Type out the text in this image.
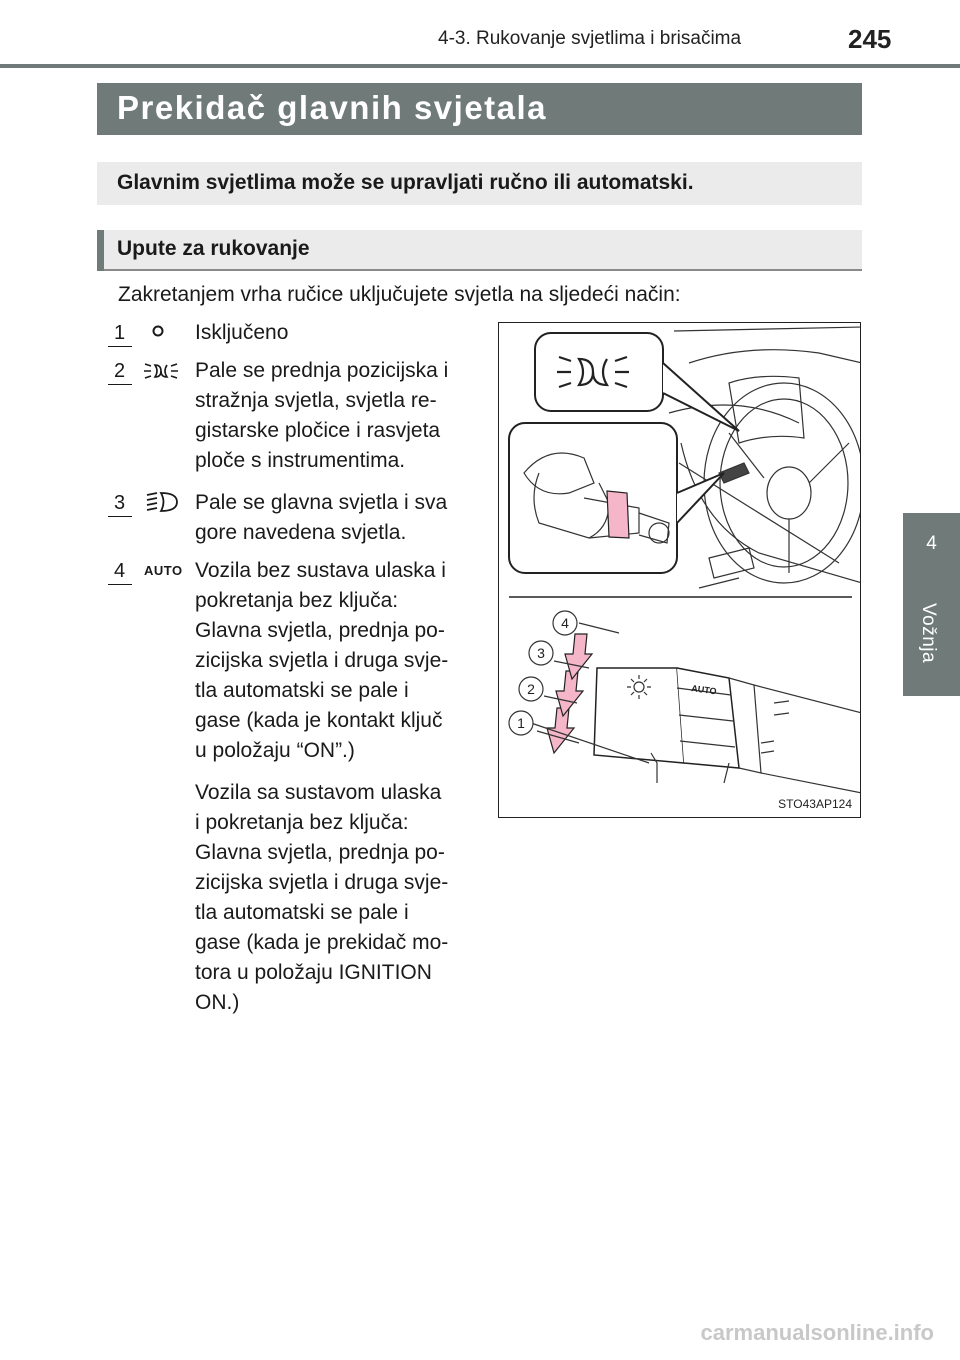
4-3. Rukovanje svjetlima i brisačima	245
4
Vožnja
Prekidač glavnih svjetala
Glavnim svjetlima može se upravljati ručno ili automatski.
Upute za rukovanje
Zakretanjem vrha ručice uključujete svjetla na sljedeći način:
1	Isključeno
2	Pale se prednja pozicijska i
stražnja svjetla, svjetla re-
gistarske pločice i rasvjeta
ploče s instrumentima.
3	Pale se glavna svjetla i sva
gore navedena svjetla.
4 AUTO Vozila bez sustava ulaska i
pokretanja bez ključa:
Glavna svjetla, prednja po-
zicijska svjetla i druga svje-
tla automatski se pale i
gase (kada je kontakt ključ
u položaju “ON”.)
Vozila sa sustavom ulaska
i pokretanja bez ključa:
Glavna svjetla, prednja po-
zicijska svjetla i druga svje-
tla automatski se pale i
gase (kada je prekidač mo-
tora u položaju IGNITION
ON.)
1
2
3
4
AUTO
STO43AP124
carmanualsonline.info
